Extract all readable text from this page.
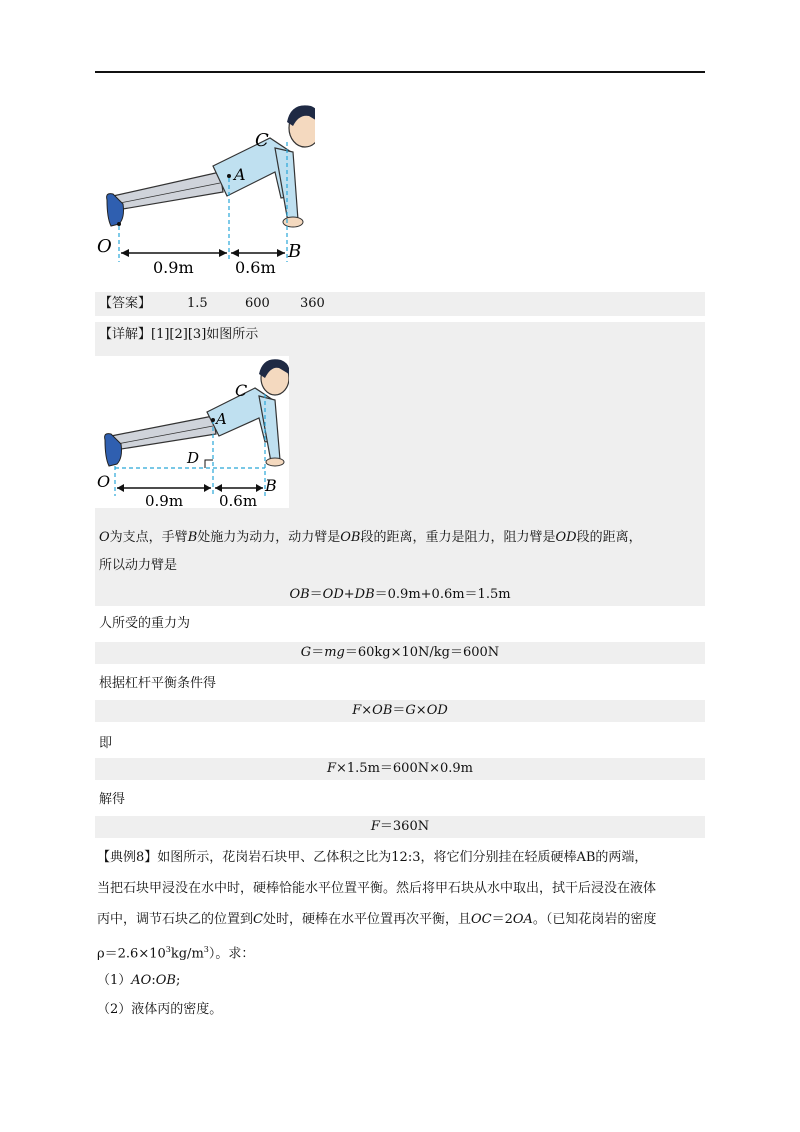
C
A
O	B
0.9m	0.6m
【答案】	1.5	600 360
【详解】[1][2][3]如图所示
C
A
D
O	B
0.9m 0.6m
O为支点，手臂B处施力为动力，动力臂是OB段的距离，重力是阻力，阻力臂是OD段的距离，
所以动力臂是
OB＝OD+DB＝0.9m+0.6m＝1.5m
人所受的重力为
G＝mg＝60kg×10N/kg＝600N
根据杠杆平衡条件得
F×OB＝G×OD
即
F×1.5m＝600N×0.9m
解得
F＝360N
【典例8】如图所示，花岗岩石块甲、乙体积之比为12:3，将它们分别挂在轻质硬棒AB的两端，
当把石块甲浸没在水中时，硬棒恰能水平位置平衡。然后将甲石块从水中取出，拭干后浸没在液体
丙中，调节石块乙的位置到C处时，硬棒在水平位置再次平衡，且OC＝2OA。（已知花岗岩的密度
$\rho=2.6\times 10^3kg/m^3$）。求：
（1）AO:OB;
（2）液体丙的密度。
